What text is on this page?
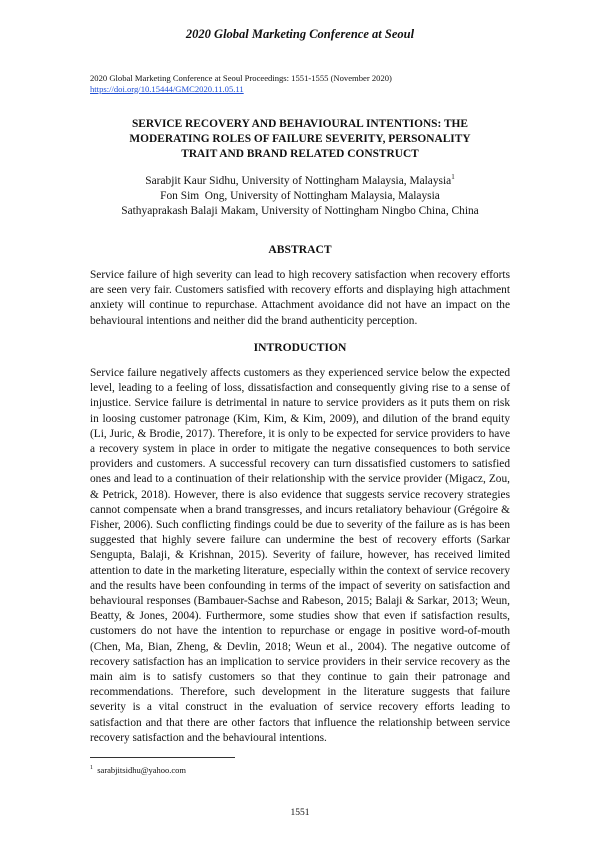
2020 Global Marketing Conference at Seoul
2020 Global Marketing Conference at Seoul Proceedings: 1551-1555 (November 2020)
https://doi.org/10.15444/GMC2020.11.05.11
SERVICE RECOVERY AND BEHAVIOURAL INTENTIONS: THE
MODERATING ROLES OF FAILURE SEVERITY, PERSONALITY
TRAIT AND BRAND RELATED CONSTRUCT
Sarabjit Kaur Sidhu, University of Nottingham Malaysia, Malaysia$^1$
Fon Sim  Ong, University of Nottingham Malaysia, Malaysia
Sathyaprakash Balaji Makam, University of Nottingham Ningbo China, China
ABSTRACT

Service failure of high severity can lead to high recovery satisfaction when recovery efforts are seen very fair. Customers satisfied with recovery efforts and displaying high attachment anxiety will continue to repurchase. Attachment avoidance did not have an impact on the behavioural intentions and neither did the brand authenticity perception.

INTRODUCTION

Service failure negatively affects customers as they experienced service below the expected level, leading to a feeling of loss, dissatisfaction and consequently giving rise to a sense of injustice. Service failure is detrimental in nature to service providers as it puts them on risk in loosing customer patronage (Kim, Kim, & Kim, 2009), and dilution of the brand equity (Li, Juric, & Brodie, 2017). Therefore, it is only to be expected for service providers to have a recovery system in place in order to mitigate the negative consequences to both service providers and customers. A successful recovery can turn dissatisfied customers to satisfied ones and lead to a continuation of their relationship with the service provider (Migacz, Zou, & Petrick, 2018). However, there is also evidence that suggests service recovery strategies cannot compensate when a brand transgresses, and incurs retaliatory behaviour (Grégoire & Fisher, 2006). Such conflicting findings could be due to severity of the failure as is has been suggested that highly severe failure can undermine the best of recovery efforts (Sarkar Sengupta, Balaji, & Krishnan, 2015). Severity of failure, however, has received limited attention to date in the marketing literature, especially within the context of service recovery and the results have been confounding in terms of the impact of severity on satisfaction and behavioural responses (Bambauer-Sachse and Rabeson, 2015; Balaji & Sarkar, 2013; Weun, Beatty, & Jones, 2004). Furthermore, some studies show that even if satisfaction results, customers do not have the intention to repurchase or engage in positive word-of-mouth (Chen, Ma, Bian, Zheng, & Devlin, 2018; Weun et al., 2004). The negative outcome of recovery satisfaction has an implication to service providers in their service recovery as the main aim is to satisfy customers so that they continue to gain their patronage and recommendations. Therefore, such development in the literature suggests that failure severity is a vital construct in the evaluation of service recovery efforts leading to satisfaction and that there are other factors that influence the relationship between service recovery satisfaction and the behavioural intentions.

$^1$ sarabjitsidhu@yahoo.com
1551
